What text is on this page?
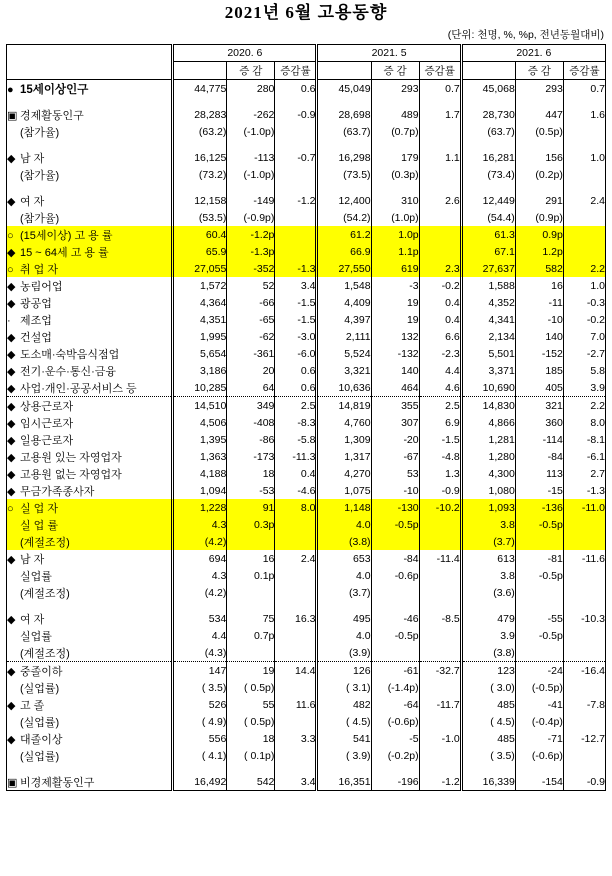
2021년 6월 고용동향
(단위: 천명, %, %p, 전년동월대비)
	2020. 6			2021. 5			2021. 6		
		증 감	증감률		증 감	증감률		증 감	증감률
● 15세이상인구	44,775	280	0.6	45,049	293	0.7	45,068	293	0.7

▣ 경제활동인구	28,283	-262	-0.9	28,698	489	1.7	28,730	447	1.6
(참가율)	(63.2)	(-1.0p)		(63.7)	(0.7p)		(63.7)	(0.5p)	

◆ 남 자	16,125	-113	-0.7	16,298	179	1.1	16,281	156	1.0
(참가율)	(73.2)	(-1.0p)		(73.5)	(0.3p)		(73.4)	(0.2p)	

◆ 여 자	12,158	-149	-1.2	12,400	310	2.6	12,449	291	2.4
(참가율)	(53.5)	(-0.9p)		(54.2)	(1.0p)		(54.4)	(0.9p)	
○ (15세이상) 고 용 률	60.4	-1.2p		61.2	1.0p		61.3	0.9p	
◆ 15 ~ 64세 고 용 률	65.9	-1.3p		66.9	1.1p		67.1	1.2p	
○ 취 업 자	27,055	-352	-1.3	27,550	619	2.3	27,637	582	2.2
◆ 농림어업	1,572	52	3.4	1,548	-3	-0.2	1,588	16	1.0
◆ 광공업	4,364	-66	-1.5	4,409	19	0.4	4,352	-11	-0.3
· 제조업	4,351	-65	-1.5	4,397	19	0.4	4,341	-10	-0.2
◆ 건설업	1,995	-62	-3.0	2,111	132	6.6	2,134	140	7.0
◆ 도소매·숙박음식점업	5,654	-361	-6.0	5,524	-132	-2.3	5,501	-152	-2.7
◆ 전기·운수·통신·금융	3,186	20	0.6	3,321	140	4.4	3,371	185	5.8
◆ 사업·개인·공공서비스 등	10,285	64	0.6	10,636	464	4.6	10,690	405	3.9
◆ 상용근로자	14,510	349	2.5	14,819	355	2.5	14,830	321	2.2
◆ 임시근로자	4,506	-408	-8.3	4,760	307	6.9	4,866	360	8.0
◆ 일용근로자	1,395	-86	-5.8	1,309	-20	-1.5	1,281	-114	-8.1
◆ 고용원 있는 자영업자	1,363	-173	-11.3	1,317	-67	-4.8	1,280	-84	-6.1
◆ 고용원 없는 자영업자	4,188	18	0.4	4,270	53	1.3	4,300	113	2.7
◆ 무금가족종사자	1,094	-53	-4.6	1,075	-10	-0.9	1,080	-15	-1.3
○ 실 업 자	1,228	91	8.0	1,148	-130	-10.2	1,093	-136	-11.0
실 업 률	4.3	0.3p		4.0	-0.5p		3.8	-0.5p	
(계절조정)	(4.2)			(3.8)			(3.7)		
◆ 남 자	694	16	2.4	653	-84	-11.4	613	-81	-11.6
실업률	4.3	0.1p		4.0	-0.6p		3.8	-0.5p	
(계절조정)	(4.2)			(3.7)			(3.6)		

◆ 여 자	534	75	16.3	495	-46	-8.5	479	-55	-10.3
실업률	4.4	0.7p		4.0	-0.5p		3.9	-0.5p	
(계절조정)	(4.3)			(3.9)			(3.8)		
◆ 중졸이하	147	19	14.4	126	-61	-32.7	123	-24	-16.4
(실업률)	( 3.5)	( 0.5p)		( 3.1)	(-1.4p)		( 3.0)	(-0.5p)	
◆ 고 졸	526	55	11.6	482	-64	-11.7	485	-41	-7.8
(실업률)	( 4.9)	( 0.5p)		( 4.5)	(-0.6p)		( 4.5)	(-0.4p)	
◆ 대졸이상	556	18	3.3	541	-5	-1.0	485	-71	-12.7
(실업률)	( 4.1)	( 0.1p)		( 3.9)	(-0.2p)		( 3.5)	(-0.6p)	

▣ 비경제활동인구	16,492	542	3.4	16,351	-196	-1.2	16,339	-154	-0.9
